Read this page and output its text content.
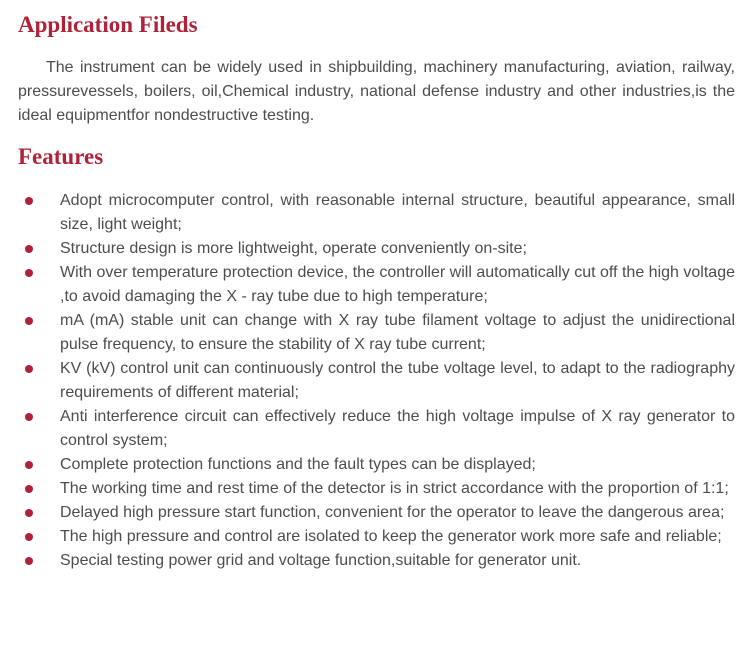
Application Fileds

The instrument can be widely used in shipbuilding, machinery manufacturing, aviation, railway, pressurevessels, boilers, oil,Chemical industry, national defense industry and other industries,is the ideal equipmentfor nondestructive testing.

Features
Adopt microcomputer control, with reasonable internal structure, beautiful appearance, small size, light weight;
Structure design is more lightweight, operate conveniently on-site;
With over temperature protection device, the controller will automatically cut off the high voltage ,to avoid damaging the X - ray tube due to high temperature;
mA (mA) stable unit can change with X ray tube filament voltage to adjust the unidirectional pulse frequency, to ensure the stability of X ray tube current;
KV (kV) control unit can continuously control the tube voltage level, to adapt to the radiography requirements of different material;
Anti interference circuit can effectively reduce the high voltage impulse of X ray generator to control system;
Complete protection functions and the fault types can be displayed;
The working time and rest time of the detector is in strict accordance with the proportion of 1:1;
Delayed high pressure start function, convenient for the operator to leave the dangerous area;
The high pressure and control are isolated to keep the generator work more safe and reliable;
Special testing power grid and voltage function,suitable for generator unit.
